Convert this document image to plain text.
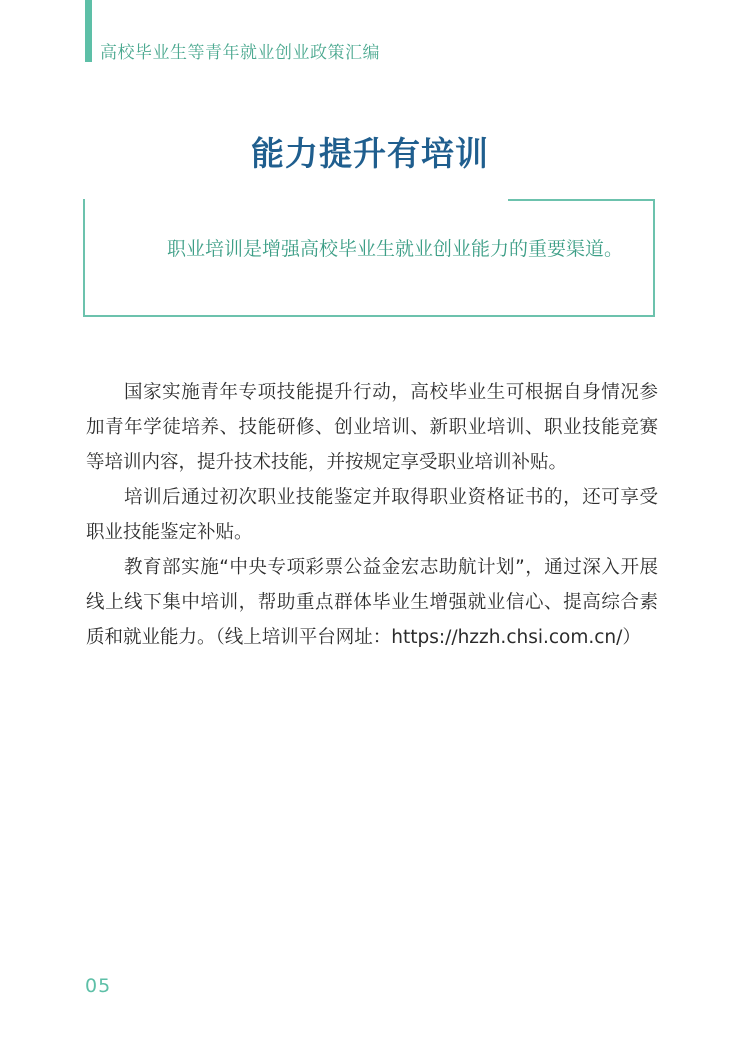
高校毕业生等青年就业创业政策汇编
能力提升有培训

职业培训是增强高校毕业生就业创业能力的重要渠道。

国家实施青年专项技能提升行动，高校毕业生可根据自身情况参加青年学徒培养、技能研修、创业培训、新职业培训、职业技能竞赛等培训内容，提升技术技能，并按规定享受职业培训补贴。

培训后通过初次职业技能鉴定并取得职业资格证书的，还可享受职业技能鉴定补贴。

教育部实施“中央专项彩票公益金宏志助航计划”，通过深入开展线上线下集中培训，帮助重点群体毕业生增强就业信心、提高综合素质和就业能力。（线上培训平台网址：https://hzzh.chsi.com.cn/）

05
